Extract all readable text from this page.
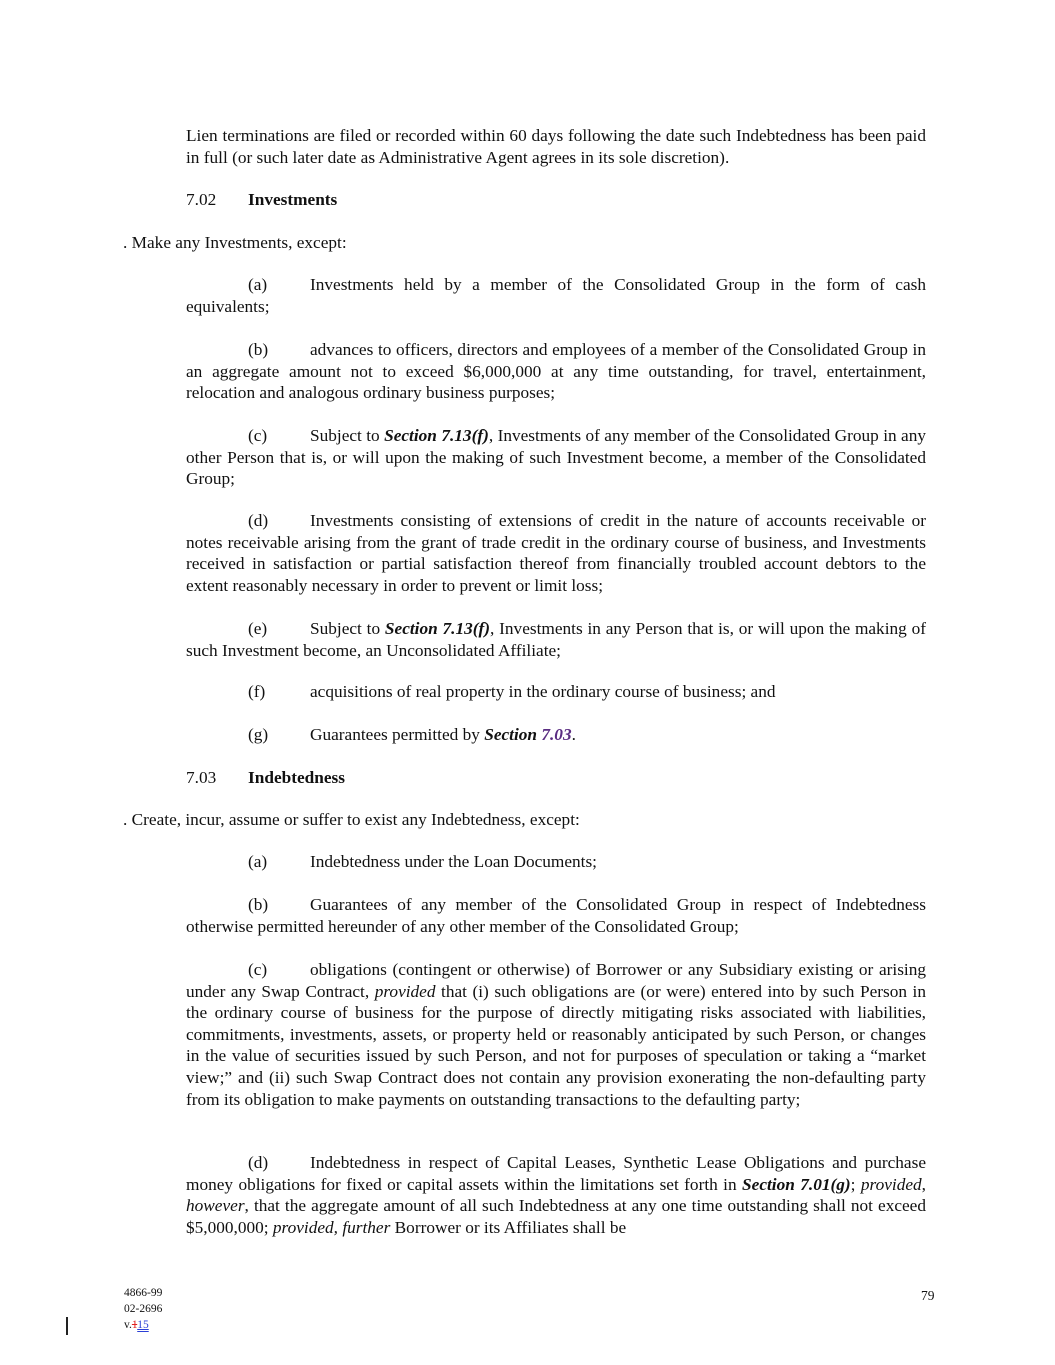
Lien terminations are filed or recorded within 60 days following the date such Indebtedness has been paid in full (or such later date as Administrative Agent agrees in its sole discretion).
7.02 Investments
. Make any Investments, except:
(a) Investments held by a member of the Consolidated Group in the form of cash equivalents;
(b) advances to officers, directors and employees of a member of the Consolidated Group in an aggregate amount not to exceed $6,000,000 at any time outstanding, for travel, entertainment, relocation and analogous ordinary business purposes;
(c) Subject to Section 7.13(f), Investments of any member of the Consolidated Group in any other Person that is, or will upon the making of such Investment become, a member of the Consolidated Group;
(d) Investments consisting of extensions of credit in the nature of accounts receivable or notes receivable arising from the grant of trade credit in the ordinary course of business, and Investments received in satisfaction or partial satisfaction thereof from financially troubled account debtors to the extent reasonably necessary in order to prevent or limit loss;
(e) Subject to Section 7.13(f), Investments in any Person that is, or will upon the making of such Investment become, an Unconsolidated Affiliate;
(f)	acquisitions of real property in the ordinary course of business; and
(g) Guarantees permitted by Section 7.03.
7.03 Indebtedness
. Create, incur, assume or suffer to exist any Indebtedness, except:
(a) Indebtedness under the Loan Documents;
(b) Guarantees of any member of the Consolidated Group in respect of Indebtedness otherwise permitted hereunder of any other member of the Consolidated Group;
(c) obligations (contingent or otherwise) of Borrower or any Subsidiary existing or arising under any Swap Contract, provided that (i) such obligations are (or were) entered into by such Person in the ordinary course of business for the purpose of directly mitigating risks associated with liabilities, commitments, investments, assets, or property held or reasonably anticipated by such Person, or changes in the value of securities issued by such Person, and not for purposes of speculation or taking a “market view;” and (ii) such Swap Contract does not contain any provision exonerating the non-defaulting party from its obligation to make payments on outstanding transactions to the defaulting party;
(d) Indebtedness in respect of Capital Leases, Synthetic Lease Obligations and purchase money obligations for fixed or capital assets within the limitations set forth in Section 7.01(g); provided, however, that the aggregate amount of all such Indebtedness at any one time outstanding shall not exceed $5,000,000; provided, further Borrower or its Affiliates shall be
4866-99
02-2696
v.115
79
